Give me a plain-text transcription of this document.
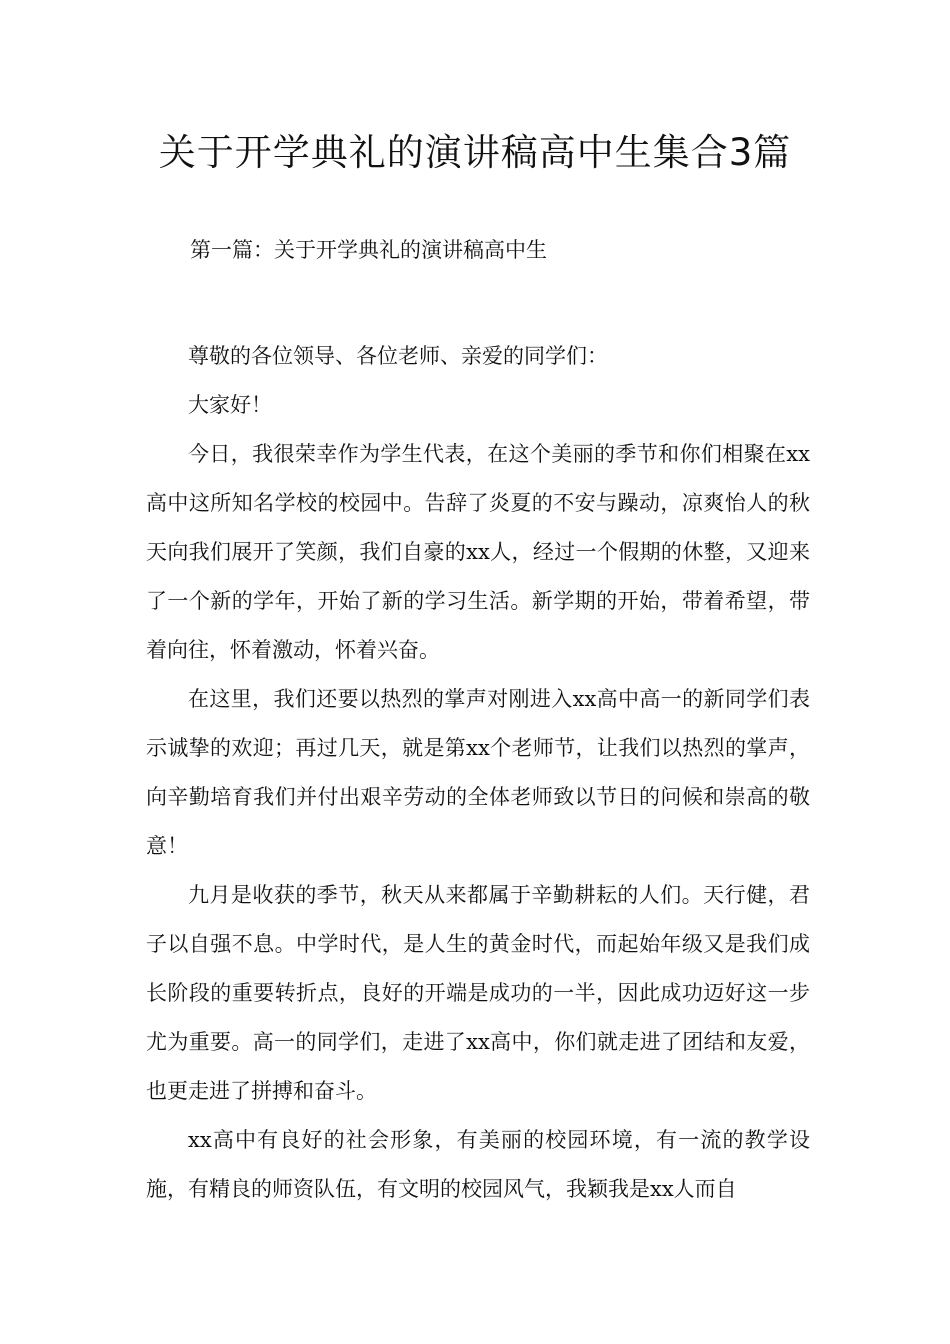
关于开学典礼的演讲稿高中生集合3篇
第一篇：关于开学典礼的演讲稿高中生

尊敬的各位领导、各位老师、亲爱的同学们：

大家好！

今日，我很荣幸作为学生代表，在这个美丽的季节和你们相聚在xx高中这所知名学校的校园中。告辞了炎夏的不安与躁动，凉爽怡人的秋天向我们展开了笑颜，我们自豪的xx人，经过一个假期的休整，又迎来了一个新的学年，开始了新的学习生活。新学期的开始，带着希望，带着向往，怀着激动，怀着兴奋。

在这里，我们还要以热烈的掌声对刚进入xx高中高一的新同学们表示诚挚的欢迎；再过几天，就是第xx个老师节，让我们以热烈的掌声，向辛勤培育我们并付出艰辛劳动的全体老师致以节日的问候和崇高的敬意！

九月是收获的季节，秋天从来都属于辛勤耕耘的人们。天行健，君子以自强不息。中学时代，是人生的黄金时代，而起始年级又是我们成长阶段的重要转折点，良好的开端是成功的一半，因此成功迈好这一步尤为重要。高一的同学们，走进了xx高中，你们就走进了团结和友爱，也更走进了拼搏和奋斗。

xx高中有良好的社会形象，有美丽的校园环境，有一流的教学设施，有精良的师资队伍，有文明的校园风气，我颖我是xx人而自
